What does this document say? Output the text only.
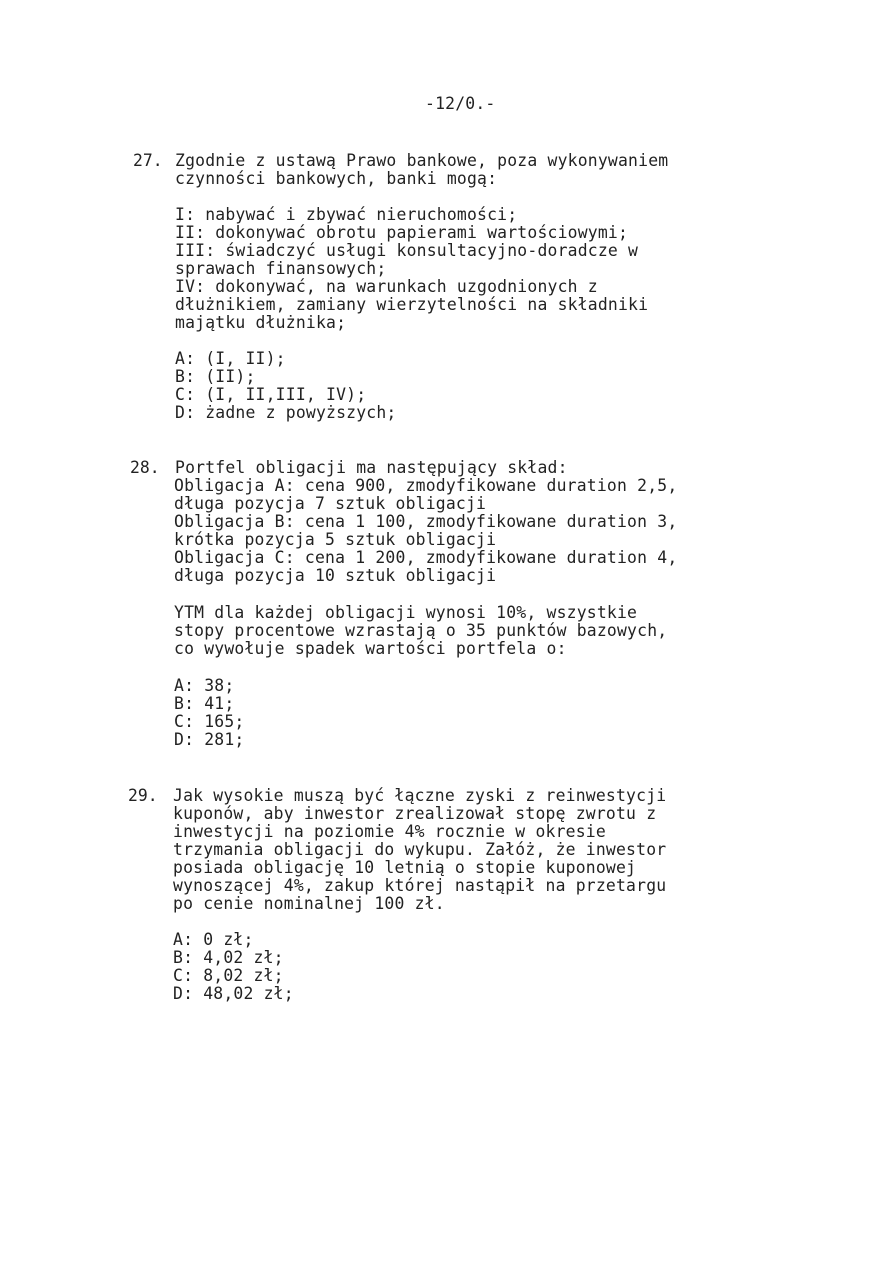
-12/0.-
27. Zgodnie z ustawą Prawo bankowe, poza wykonywaniem
czynności bankowych, banki mogą:
I: nabywać i zbywać nieruchomości;
II: dokonywać obrotu papierami wartościowymi;
III: świadczyć usługi konsultacyjno-doradcze w
sprawach finansowych;
IV: dokonywać, na warunkach uzgodnionych z
dłużnikiem, zamiany wierzytelności na składniki
majątku dłużnika;
A: (I, II);
B: (II);
C: (I, II,III, IV);
D: żadne z powyższych;
28. Portfel obligacji ma następujący skład:
Obligacja A: cena 900, zmodyfikowane duration 2,5,
długa pozycja 7 sztuk obligacji
Obligacja B: cena 1 100, zmodyfikowane duration 3,
krótka pozycja 5 sztuk obligacji
Obligacja C: cena 1 200, zmodyfikowane duration 4,
długa pozycja 10 sztuk obligacji
YTM dla każdej obligacji wynosi 10%, wszystkie
stopy procentowe wzrastają o 35 punktów bazowych,
co wywołuje spadek wartości portfela o:
A: 38;
B: 41;
C: 165;
D: 281;
29. Jak wysokie muszą być łączne zyski z reinwestycji
kuponów, aby inwestor zrealizował stopę zwrotu z
inwestycji na poziomie 4% rocznie w okresie
trzymania obligacji do wykupu. Załóż, że inwestor
posiada obligację 10 letnią o stopie kuponowej
wynoszącej 4%, zakup której nastąpił na przetargu
po cenie nominalnej 100 zł.
A: 0 zł;
B: 4,02 zł;
C: 8,02 zł;
D: 48,02 zł;
